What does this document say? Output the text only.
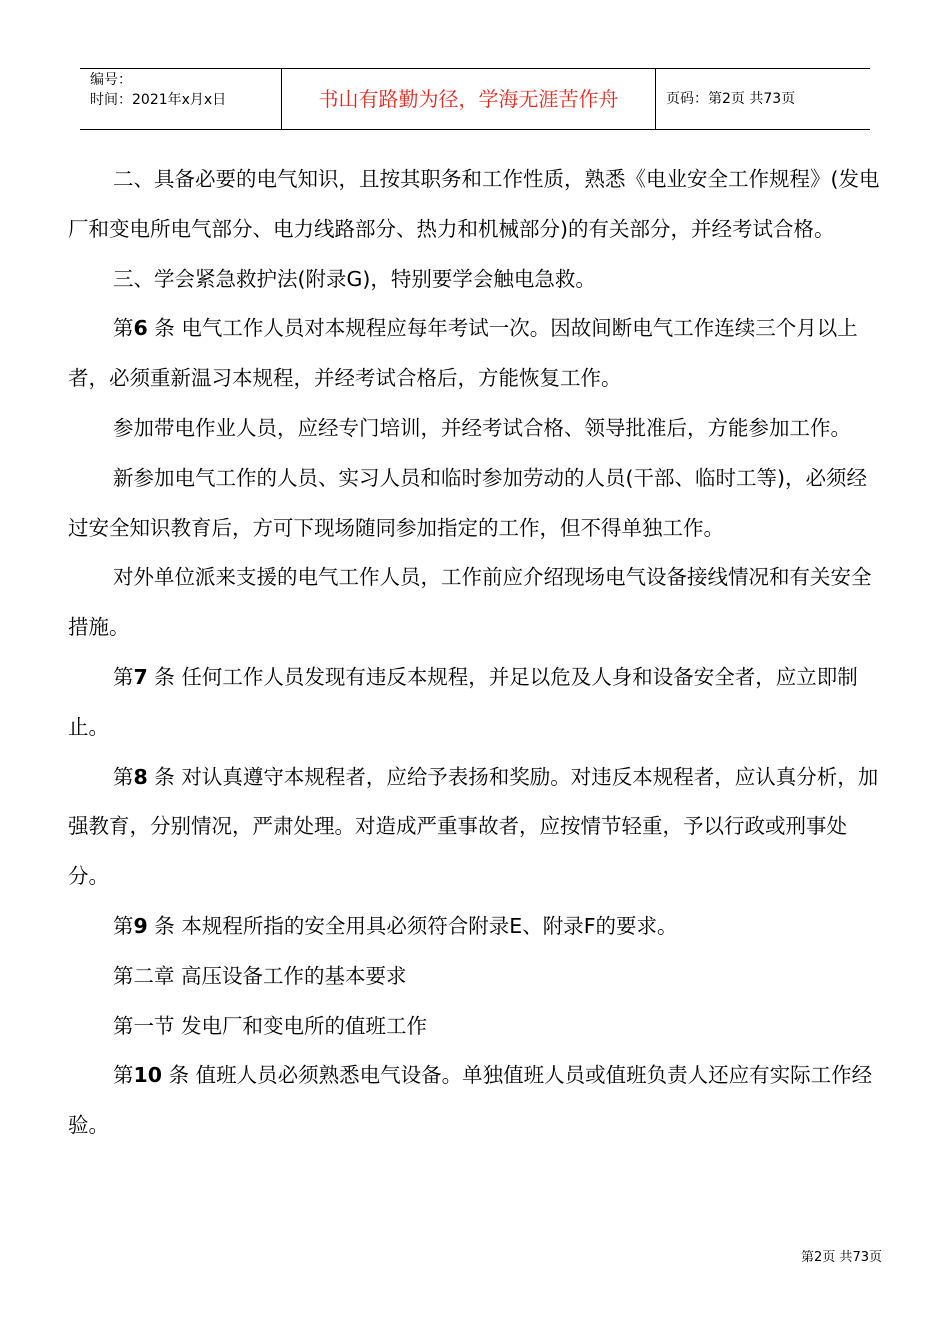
编号：
时间：2021年x月x日	书山有路勤为径，学海无涯苦作舟	页码：第2页 共73页

二、具备必要的电气知识，且按其职务和工作性质，熟悉《电业安全工作规程》(发电厂和变电所电气部分、电力线路部分、热力和机械部分)的有关部分，并经考试合格。

三、学会紧急救护法(附录G)，特别要学会触电急救。

第6 条 电气工作人员对本规程应每年考试一次。因故间断电气工作连续三个月以上者，必须重新温习本规程，并经考试合格后，方能恢复工作。

参加带电作业人员，应经专门培训，并经考试合格、领导批准后，方能参加工作。

新参加电气工作的人员、实习人员和临时参加劳动的人员(干部、临时工等)，必须经过安全知识教育后，方可下现场随同参加指定的工作，但不得单独工作。

对外单位派来支援的电气工作人员，工作前应介绍现场电气设备接线情况和有关安全措施。

第7 条 任何工作人员发现有违反本规程，并足以危及人身和设备安全者，应立即制止。

第8 条 对认真遵守本规程者，应给予表扬和奖励。对违反本规程者，应认真分析，加强教育，分别情况，严肃处理。对造成严重事故者，应按情节轻重，予以行政或刑事处分。

第9 条 本规程所指的安全用具必须符合附录E、附录F的要求。

第二章 高压设备工作的基本要求

第一节 发电厂和变电所的值班工作

第10 条 值班人员必须熟悉电气设备。单独值班人员或值班负责人还应有实际工作经验。

第2页 共73页
